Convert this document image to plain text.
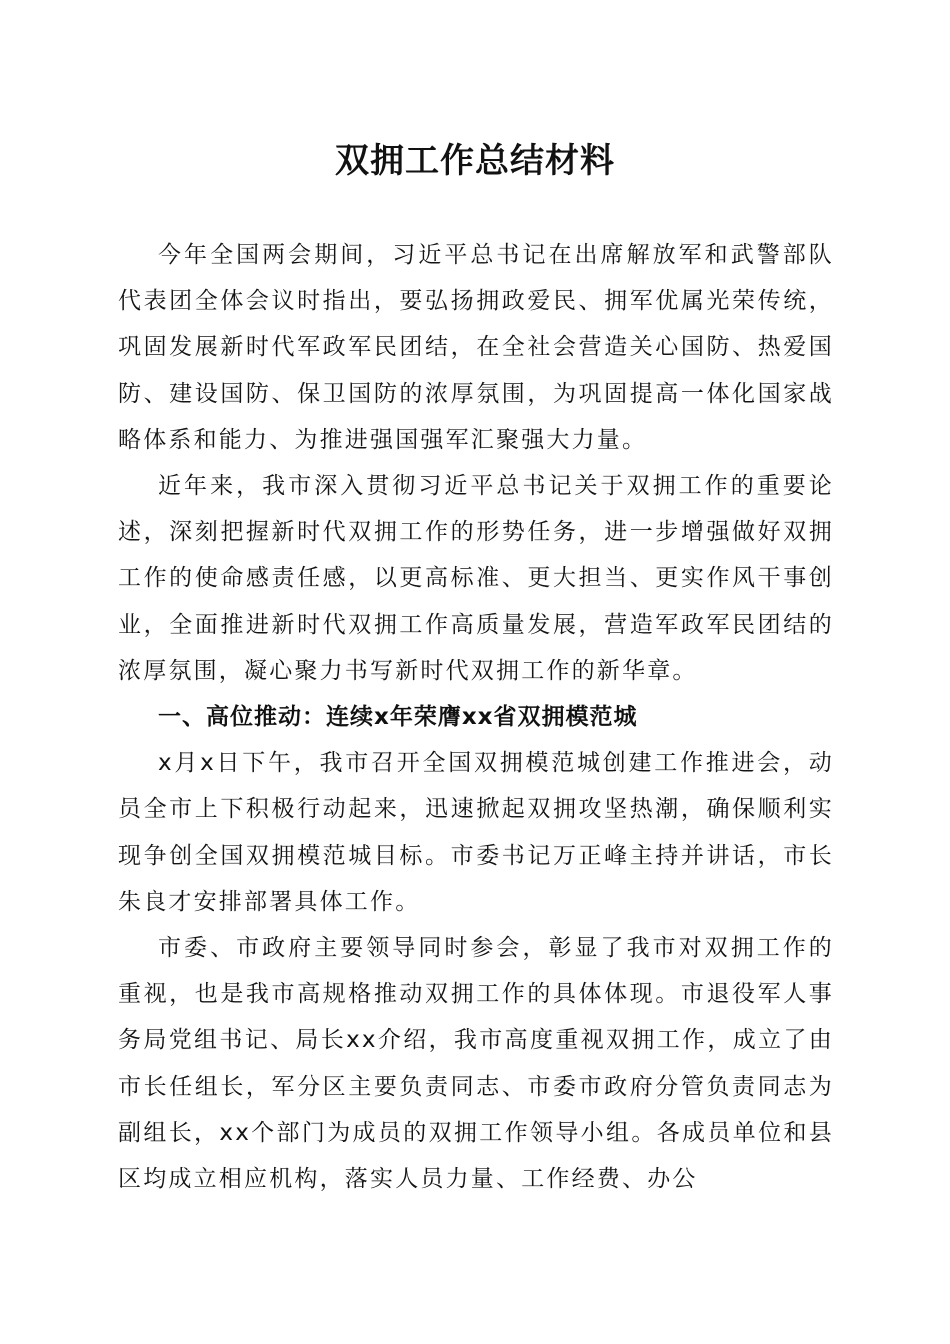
双拥工作总结材料

今年全国两会期间，习近平总书记在出席解放军和武警部队代表团全体会议时指出，要弘扬拥政爱民、拥军优属光荣传统，巩固发展新时代军政军民团结，在全社会营造关心国防、热爱国防、建设国防、保卫国防的浓厚氛围，为巩固提高一体化国家战略体系和能力、为推进强国强军汇聚强大力量。

近年来，我市深入贯彻习近平总书记关于双拥工作的重要论述，深刻把握新时代双拥工作的形势任务，进一步增强做好双拥工作的使命感责任感，以更高标准、更大担当、更实作风干事创业，全面推进新时代双拥工作高质量发展，营造军政军民团结的浓厚氛围，凝心聚力书写新时代双拥工作的新华章。

一、高位推动：连续x年荣膺xx省双拥模范城

x月x日下午，我市召开全国双拥模范城创建工作推进会，动员全市上下积极行动起来，迅速掀起双拥攻坚热潮，确保顺利实现争创全国双拥模范城目标。市委书记万正峰主持并讲话，市长朱良才安排部署具体工作。

市委、市政府主要领导同时参会，彰显了我市对双拥工作的重视，也是我市高规格推动双拥工作的具体体现。市退役军人事务局党组书记、局长xx介绍，我市高度重视双拥工作，成立了由市长任组长，军分区主要负责同志、市委市政府分管负责同志为副组长，xx个部门为成员的双拥工作领导小组。各成员单位和县区均成立相应机构，落实人员力量、工作经费、办公
